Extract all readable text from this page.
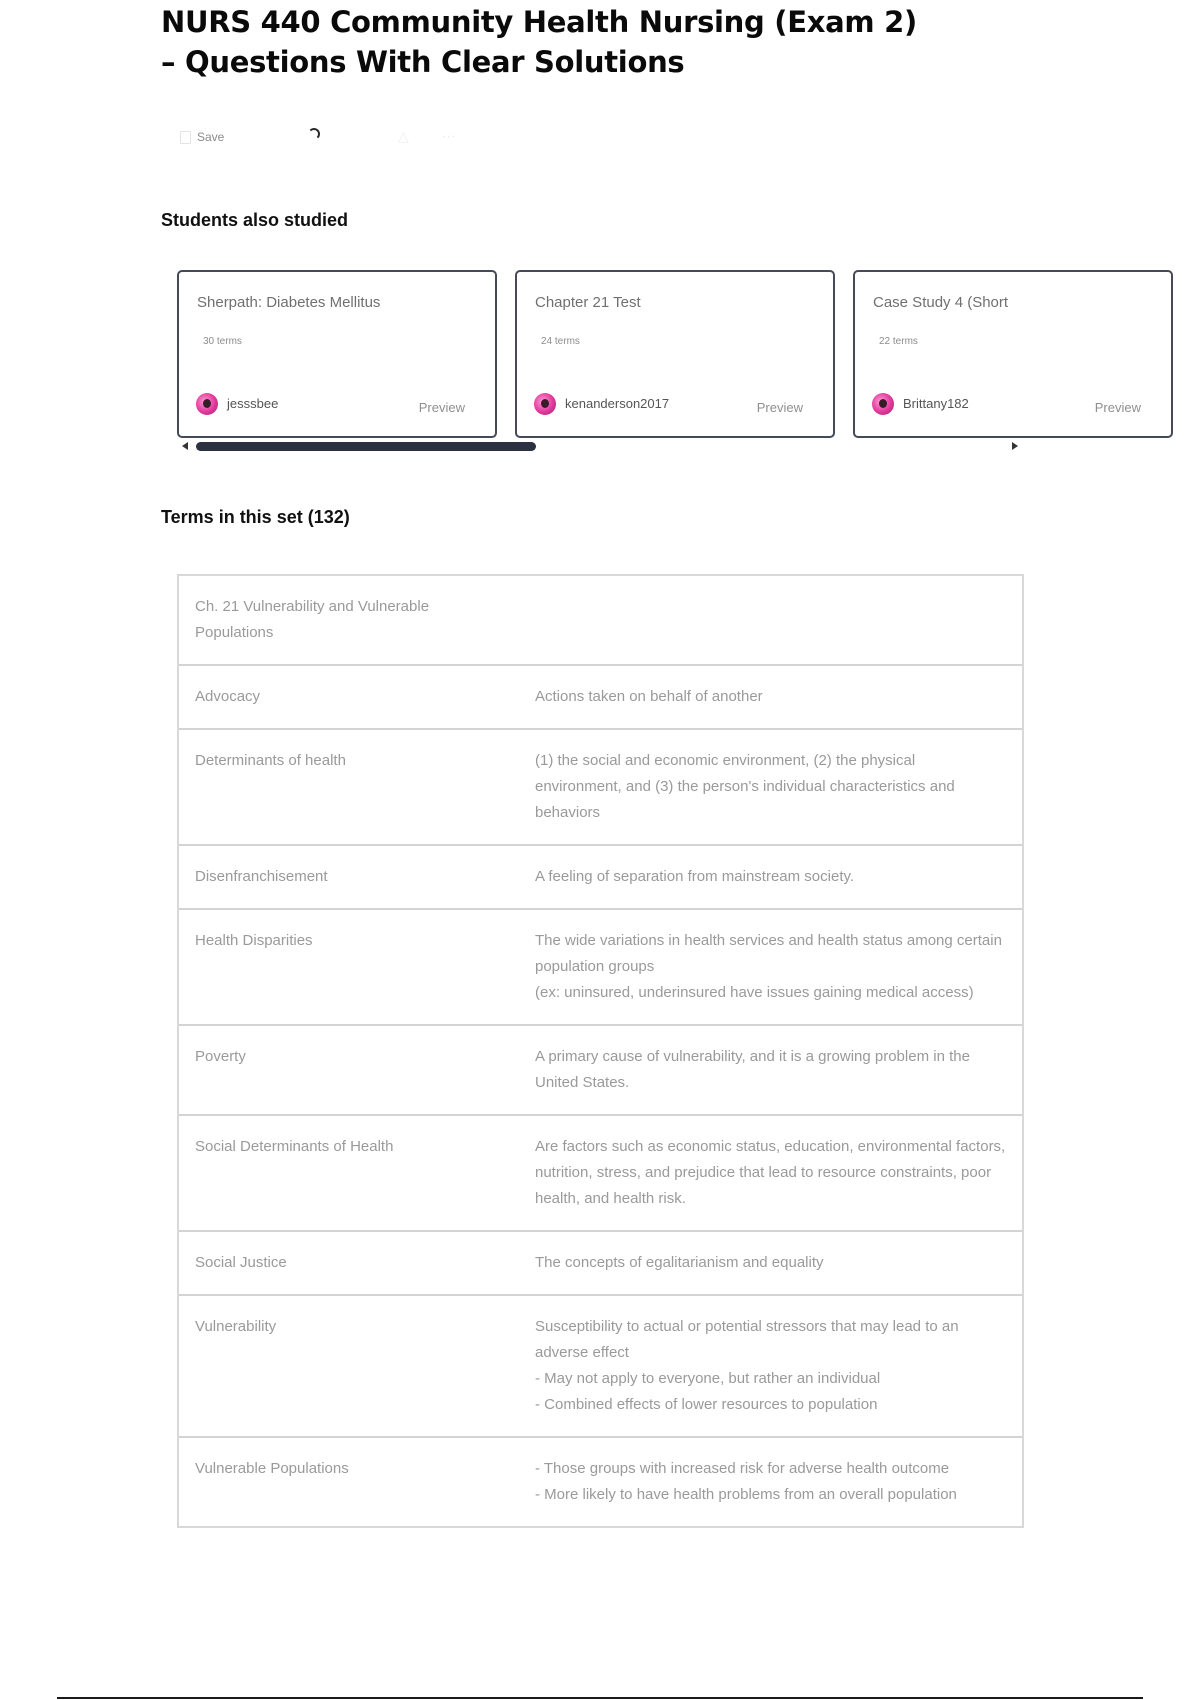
NURS 440 Community Health Nursing (Exam 2) – Questions With Clear Solutions
Save	△ ⋯
Students also studied
Sherpath: Diabetes Mellitus
30 terms
jesssbee	Preview
Chapter 21 Test
24 terms
kenanderson2017	Preview
Case Study 4 (Short
22 terms
Brittany182	Preview
Terms in this set (132)
Ch. 21 Vulnerability and Vulnerable Populations
Advocacy	Actions taken on behalf of another
Determinants of health	(1) the social and economic environment, (2) the physical environment, and (3) the person's individual characteristics and behaviors
Disenfranchisement	A feeling of separation from mainstream society.
Health Disparities	The wide variations in health services and health status among certain population groups
(ex: uninsured, underinsured have issues gaining medical access)
Poverty	A primary cause of vulnerability, and it is a growing problem in the United States.
Social Determinants of Health	Are factors such as economic status, education, environmental factors, nutrition, stress, and prejudice that lead to resource constraints, poor health, and health risk.
Social Justice	The concepts of egalitarianism and equality
Vulnerability	Susceptibility to actual or potential stressors that may lead to an adverse effect
- May not apply to everyone, but rather an individual
- Combined effects of lower resources to population
Vulnerable Populations	- Those groups with increased risk for adverse health outcome
- More likely to have health problems from an overall population
